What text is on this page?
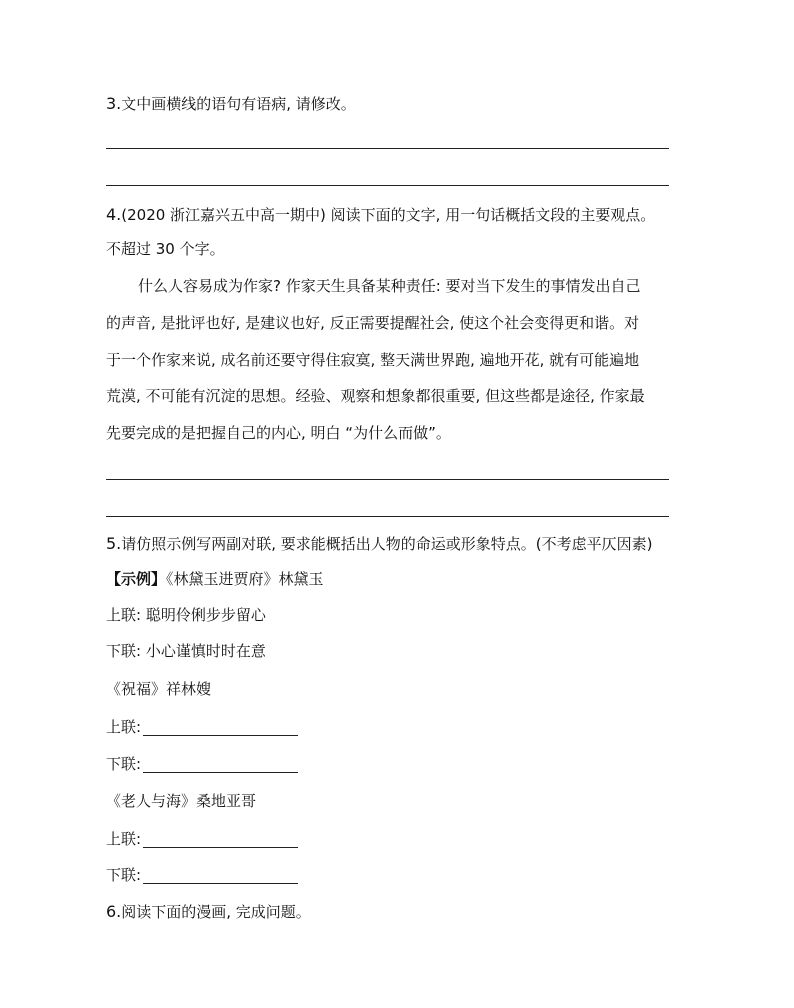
3.文中画横线的语句有语病, 请修改。
4.(2020 浙江嘉兴五中高一期中) 阅读下面的文字, 用一句话概括文段的主要观点。
不超过 30 个字。
什么人容易成为作家? 作家天生具备某种责任: 要对当下发生的事情发出自己
的声音, 是批评也好, 是建议也好, 反正需要提醒社会, 使这个社会变得更和谐。对
于一个作家来说, 成名前还要守得住寂寞, 整天满世界跑, 遍地开花, 就有可能遍地
荒漠, 不可能有沉淀的思想。经验、观察和想象都很重要, 但这些都是途径, 作家最
先要完成的是把握自己的内心, 明白 “为什么而做”。
5.请仿照示例写两副对联, 要求能概括出人物的命运或形象特点。(不考虑平仄因素)
【示例】《林黛玉进贾府》林黛玉
上联: 聪明伶俐步步留心
下联: 小心谨慎时时在意
《祝福》祥林嫂
上联:
下联:
《老人与海》桑地亚哥
上联:
下联:
6.阅读下面的漫画, 完成问题。
